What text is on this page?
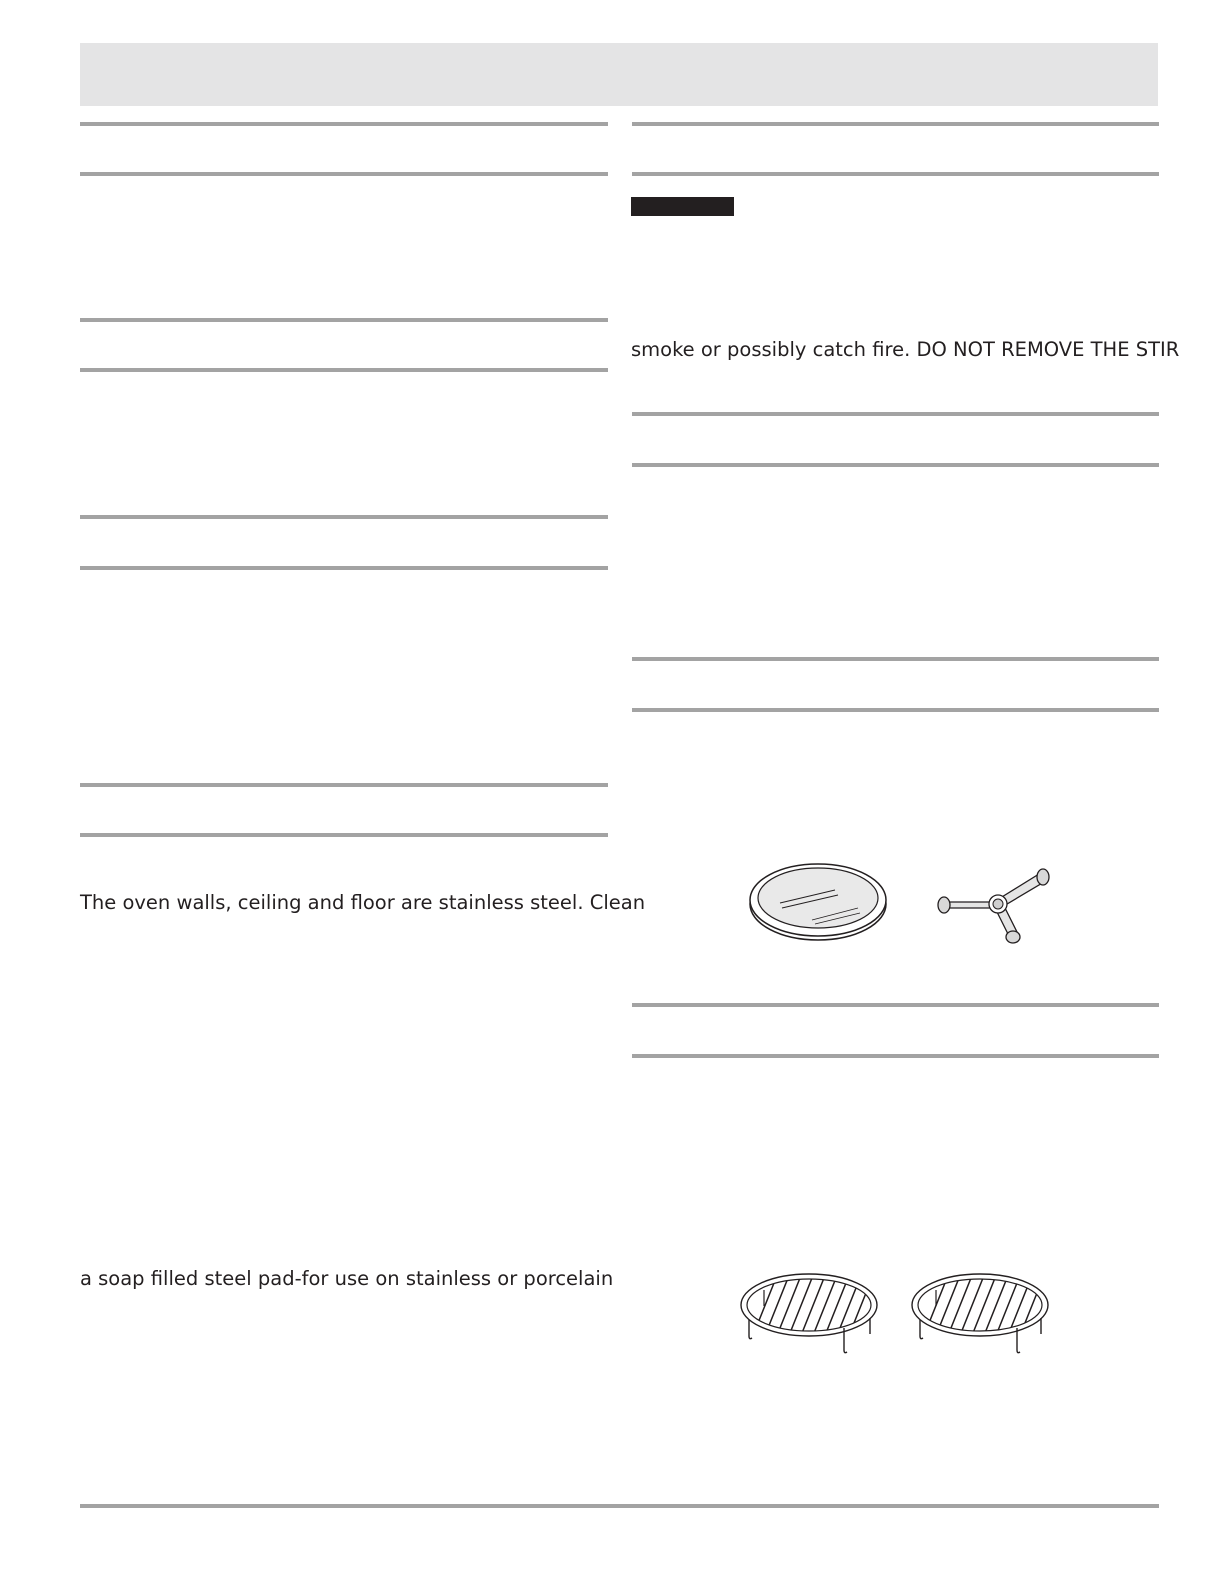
The oven walls, ceiling and floor are stainless steel. Clean
a soap filled steel pad-for use on stainless or porcelain
smoke or possibly catch fire. DO NOT REMOVE THE STIR
